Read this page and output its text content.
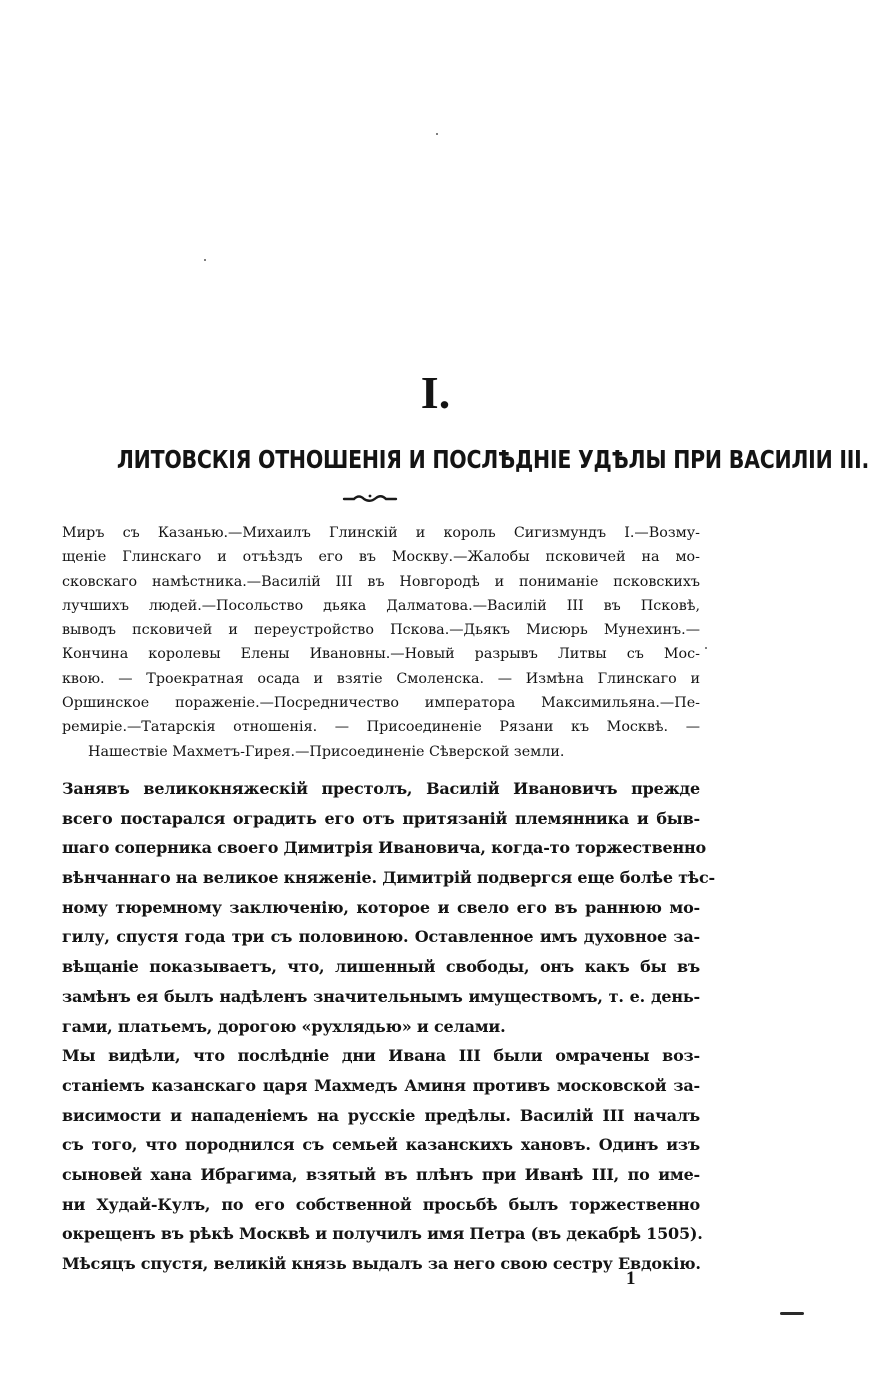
I.
ЛИТОВСКІЯ ОТНОШЕНІЯ И ПОСЛѢДНІЕ УДѢЛЫ ПРИ ВАСИЛІИ III.
Миръ съ Казанью.—Михаилъ Глинскій и король Сигизмундъ I.—Возму-
щеніе Глинскаго и отъѣздъ его въ Москву.—Жалобы псковичей на мо-
сковскаго намѣстника.—Василій III въ Новгородѣ и пониманіе псковскихъ
лучшихъ людей.—Посольство дьяка Далматова.—Василій III въ Псковѣ,
выводъ псковичей и переустройство Пскова.—Дьякъ Мисюрь Мунехинъ.—
Кончина королевы Елены Ивановны.—Новый разрывъ Литвы съ Мос-
квою. — Троекратная осада и взятіе Смоленска. — Измѣна Глинскаго и
Оршинское пораженіе.—Посредничество императора Максимильяна.—Пе-
ремиріе.—Татарскія отношенія. — Присоединеніе Рязани къ Москвѣ. —
Нашествіе Махметъ-Гирея.—Присоединеніе Сѣверской земли.
Занявъ великокняжескій престолъ, Василій Ивановичъ прежде
всего постарался оградить его отъ притязаній племянника и быв-
шаго соперника своего Димитрія Ивановича, когда-то торжественно
вѣнчаннаго на великое княженіе. Димитрій подвергся еще болѣе тѣс-
ному тюремному заключенію, которое и свело его въ раннюю мо-
гилу, спустя года три съ половиною. Оставленное имъ духовное за-
вѣщаніе показываетъ, что, лишенный свободы, онъ какъ бы въ
замѣнъ ея былъ надѣленъ значительнымъ имуществомъ, т. е. день-
гами, платьемъ, дорогою «рухлядью» и селами.
Мы видѣли, что послѣдніе дни Ивана III были омрачены воз-
станіемъ казанскаго царя Махмедъ Аминя противъ московской за-
висимости и нападеніемъ на русскіе предѣлы. Василій III началъ
съ того, что породнился съ семьей казанскихъ хановъ. Одинъ изъ
сыновей хана Ибрагима, взятый въ плѣнъ при Иванѣ III, по име-
ни Худай-Кулъ, по его собственной просьбѣ былъ торжественно
окрещенъ въ рѣкѣ Москвѣ и получилъ имя Петра (въ декабрѣ 1505).
Мѣсяцъ спустя, великій князь выдалъ за него свою сестру Евдокію.
1
